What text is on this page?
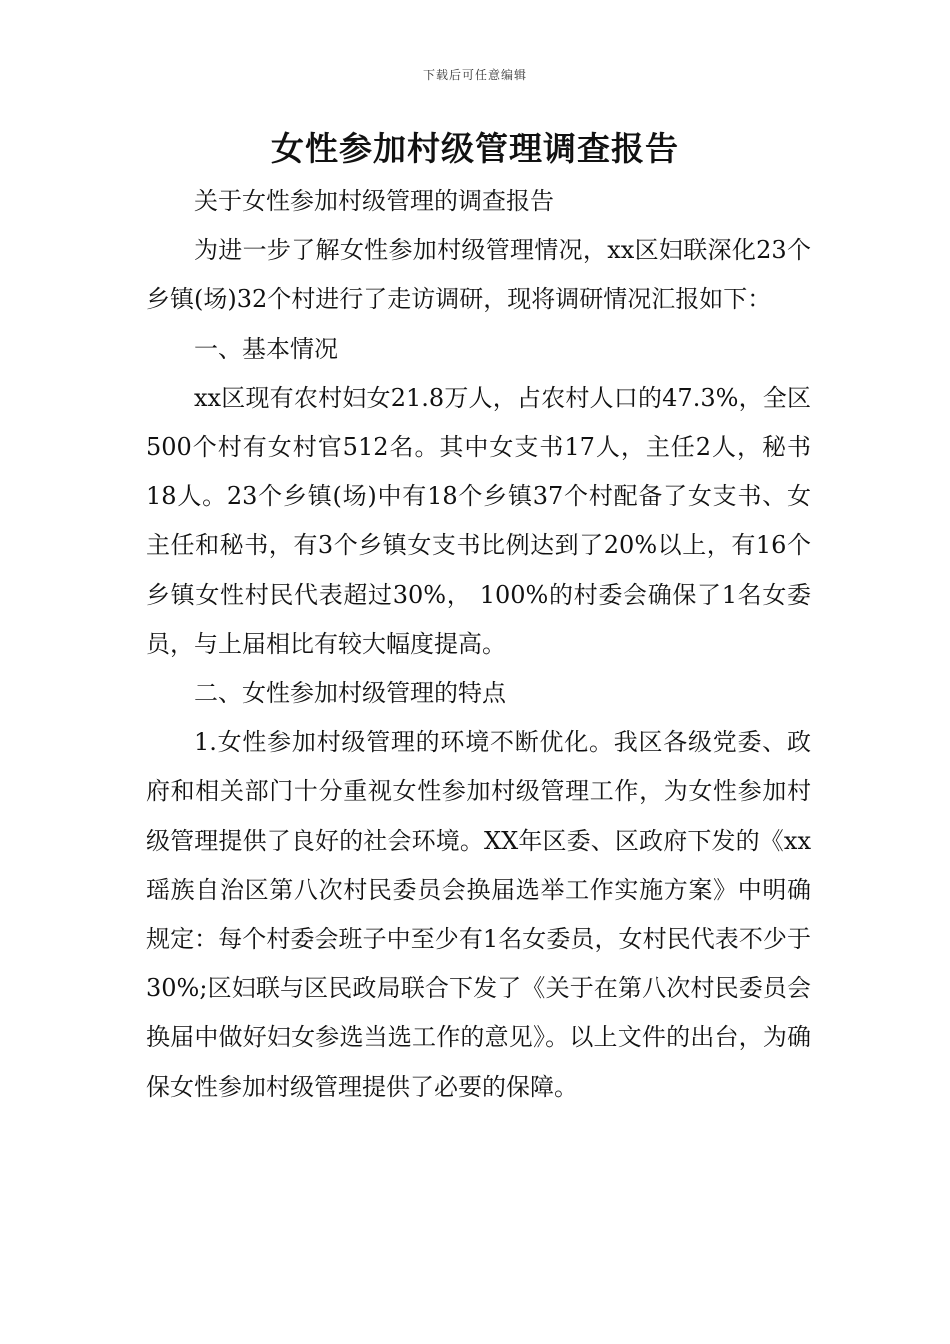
下载后可任意编辑
女性参加村级管理调查报告

关于女性参加村级管理的调查报告

为进一步了解女性参加村级管理情况，xx区妇联深化23个乡镇(场)32个村进行了走访调研，现将调研情况汇报如下：

一、基本情况

xx区现有农村妇女21.8万人，占农村人口的47.3%，全区500个村有女村官512名。其中女支书17人，主任2人，秘书18人。23个乡镇(场)中有18个乡镇37个村配备了女支书、女主任和秘书，有3个乡镇女支书比例达到了20%以上，有16个乡镇女性村民代表超过30%， 100%的村委会确保了1名女委员，与上届相比有较大幅度提高。

二、女性参加村级管理的特点

1.女性参加村级管理的环境不断优化。我区各级党委、政府和相关部门十分重视女性参加村级管理工作，为女性参加村级管理提供了良好的社会环境。XX年区委、区政府下发的《xx瑶族自治区第八次村民委员会换届选举工作实施方案》中明确规定：每个村委会班子中至少有1名女委员，女村民代表不少于30%;区妇联与区民政局联合下发了《关于在第八次村民委员会换届中做好妇女参选当选工作的意见》。以上文件的出台，为确保女性参加村级管理提供了必要的保障。
